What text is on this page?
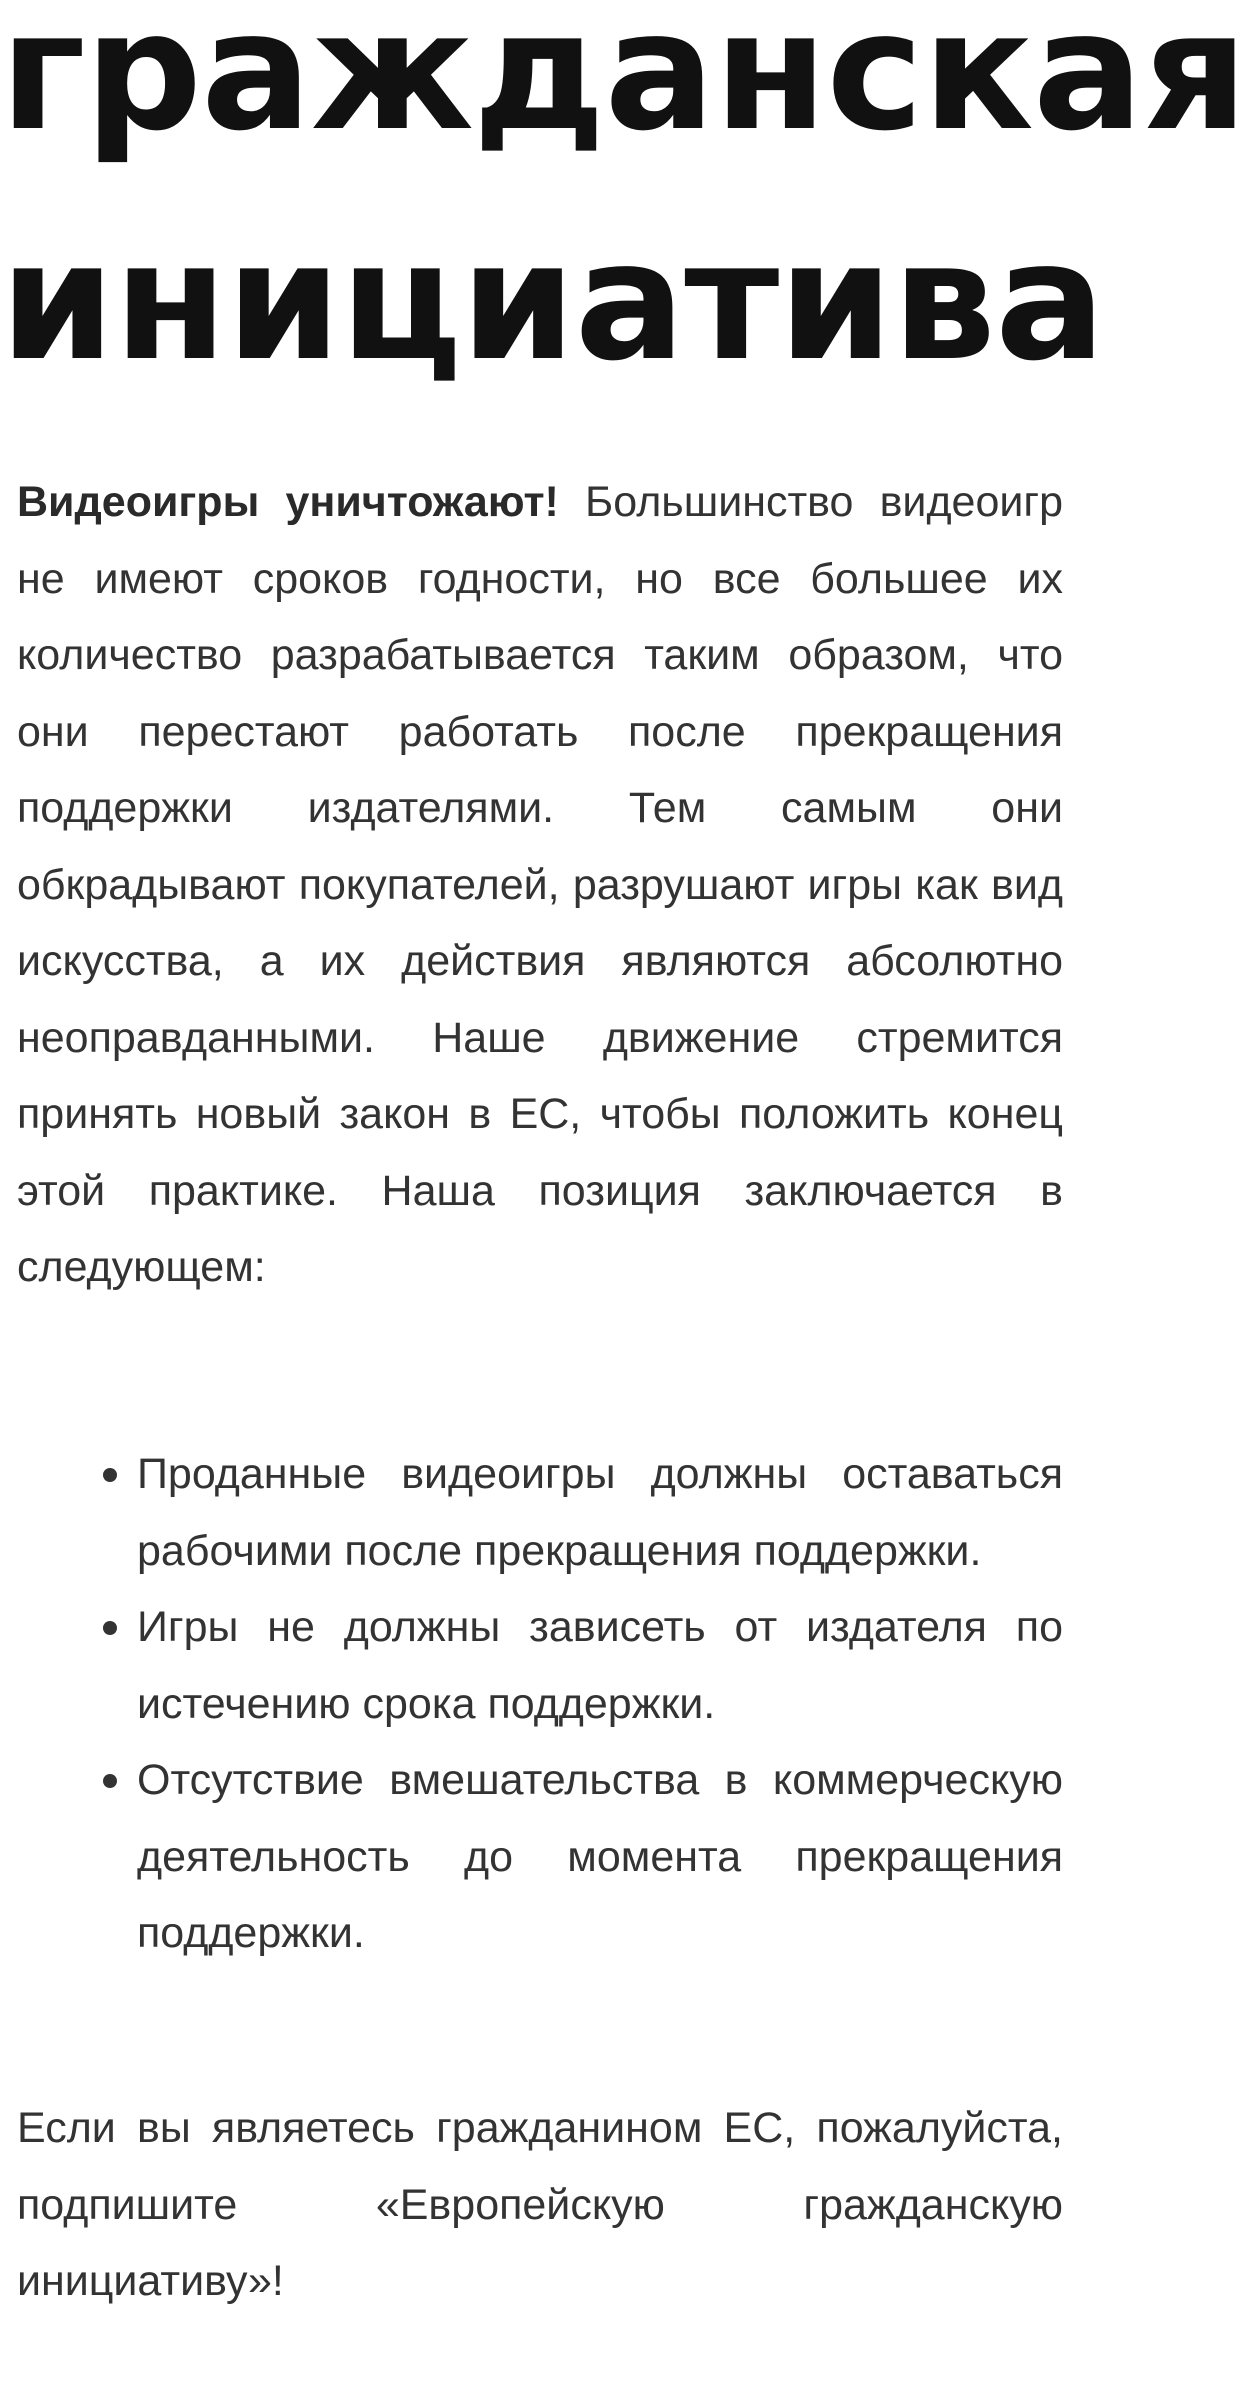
гражданская
инициатива

Видеоигры уничтожают! Большинство видеоигр не имеют сроков годности, но все большее их количество разрабатывается таким образом, что они перестают работать после прекращения поддержки издателями. Тем самым они обкрадывают покупателей, разрушают игры как вид искусства, а их действия являются абсолютно неоправданными. Наше движение стремится принять новый закон в ЕС, чтобы положить конец этой практике. Наша позиция заключается в следующем:

Проданные видеоигры должны оставаться рабочими после прекращения поддержки.
Игры не должны зависеть от издателя по истечению срока поддержки.
Отсутствие вмешательства в коммерческую деятельность до момента прекращения поддержки.

Если вы являетесь гражданином ЕС, пожалуйста, подпишите «Европейскую гражданскую инициативу»!
